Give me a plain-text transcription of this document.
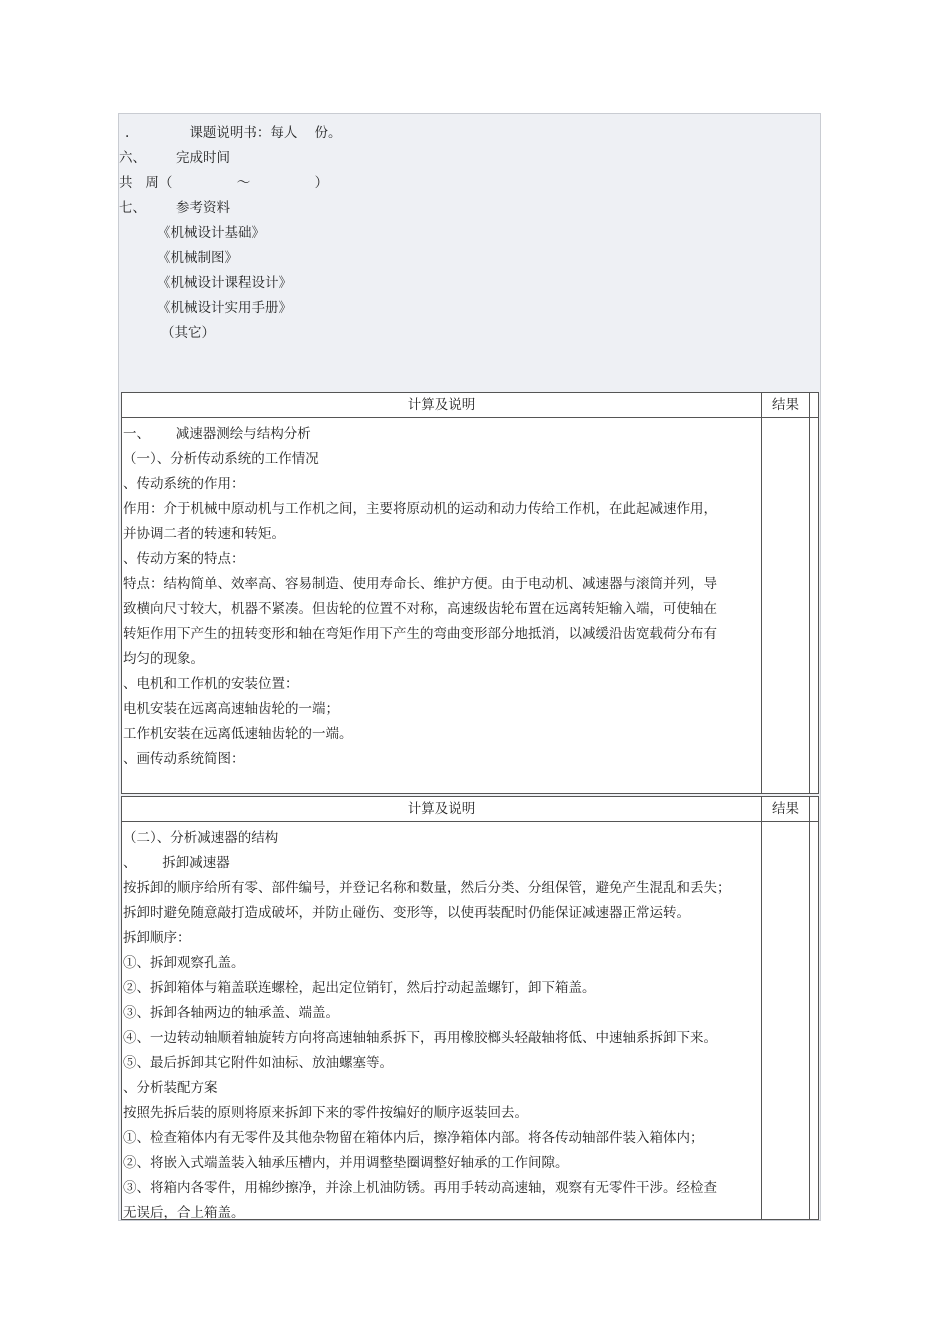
.              课题说明书：每人    份。
六、       完成时间
共   周（               ～               ）
七、       参考资料
《机械设计基础》
《机械制图》
《机械设计课程设计》
《机械设计实用手册》
（其它）
计算及说明	结果

一、      减速器测绘与结构分析

（一）、分析传动系统的工作情况

、传动系统的作用：

作用：介于机械中原动机与工作机之间，主要将原动机的运动和动力传给工作机，在此起减速作用，

并协调二者的转速和转矩。

、传动方案的特点：

特点：结构简单、效率高、容易制造、使用寿命长、维护方便。由于电动机、减速器与滚筒并列，导

致横向尺寸较大，机器不紧凑。但齿轮的位置不对称，高速级齿轮布置在远离转矩输入端，可使轴在

转矩作用下产生的扭转变形和轴在弯矩作用下产生的弯曲变形部分地抵消，以减缓沿齿宽载荷分布有

均匀的现象。

、电机和工作机的安装位置：

电机安装在远离高速轴齿轮的一端；

工作机安装在远离低速轴齿轮的一端。

、画传动系统简图：

计算及说明	结果

（二）、分析减速器的结构

、      拆卸减速器

按拆卸的顺序给所有零、部件编号，并登记名称和数量，然后分类、分组保管，避免产生混乱和丢失；

拆卸时避免随意敲打造成破坏，并防止碰伤、变形等，以使再装配时仍能保证减速器正常运转。

拆卸顺序：

①、拆卸观察孔盖。

②、拆卸箱体与箱盖联连螺栓，起出定位销钉，然后拧动起盖螺钉，卸下箱盖。

③、拆卸各轴两边的轴承盖、端盖。

④、一边转动轴顺着轴旋转方向将高速轴轴系拆下，再用橡胶榔头轻敲轴将低、中速轴系拆卸下来。

⑤、最后拆卸其它附件如油标、放油螺塞等。

、分析装配方案

按照先拆后装的原则将原来拆卸下来的零件按编好的顺序返装回去。

①、检查箱体内有无零件及其他杂物留在箱体内后，擦净箱体内部。将各传动轴部件装入箱体内；

②、将嵌入式端盖装入轴承压槽内，并用调整垫圈调整好轴承的工作间隙。

③、将箱内各零件，用棉纱擦净，并涂上机油防锈。再用手转动高速轴，观察有无零件干涉。经检查

无误后，合上箱盖。
